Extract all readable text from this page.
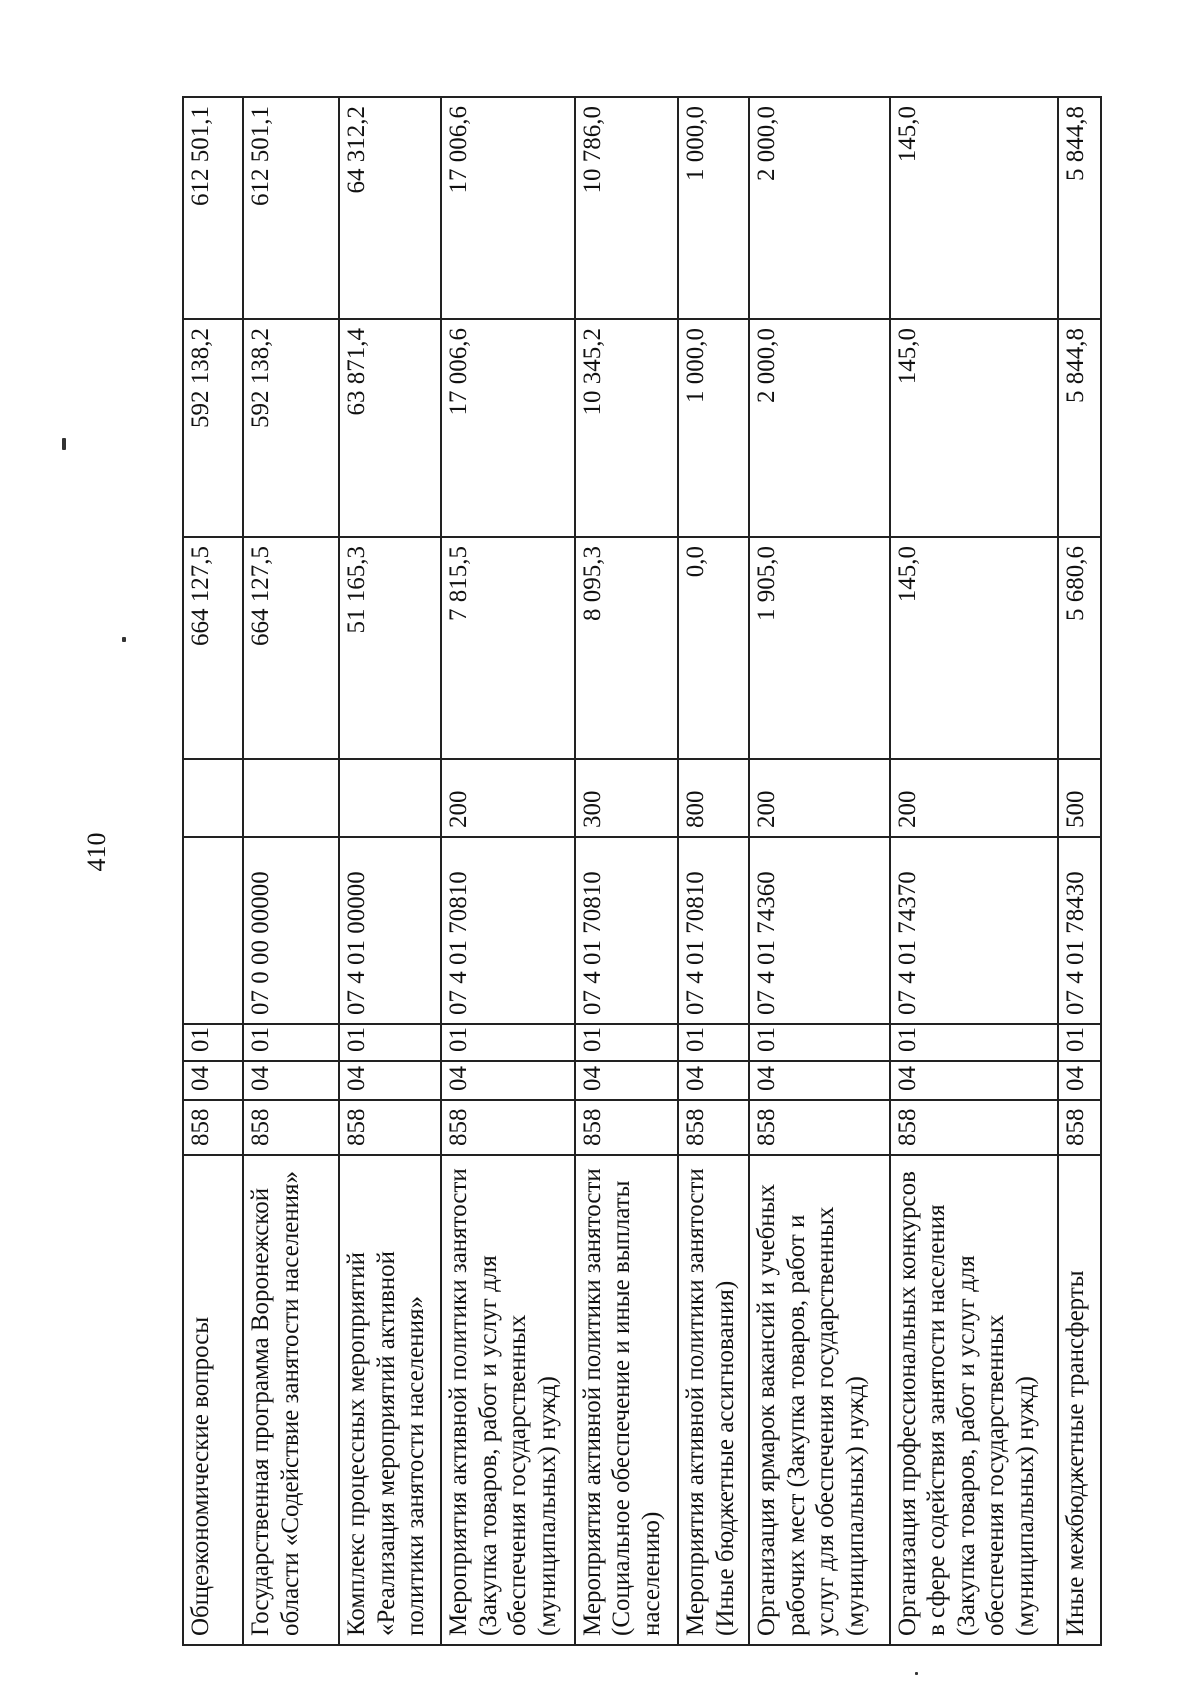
410
Общеэкономические вопросы	858	04	01			664 127,5	592 138,2	612 501,1
Государственная программа Воронежской области «Содействие занятости населения»	858	04	01	07 0 00 00000		664 127,5	592 138,2	612 501,1
Комплекс процессных мероприятий «Реализация мероприятий активной политики занятости населения»	858	04	01	07 4 01 00000		51 165,3	63 871,4	64 312,2
Мероприятия активной политики занятости (Закупка товаров, работ и услуг для обеспечения государственных (муниципальных) нужд)	858	04	01	07 4 01 70810	200	7 815,5	17 006,6	17 006,6
Мероприятия активной политики занятости (Социальное обеспечение и иные выплаты населению)	858	04	01	07 4 01 70810	300	8 095,3	10 345,2	10 786,0
Мероприятия активной политики занятости (Иные бюджетные ассигнования)	858	04	01	07 4 01 70810	800	0,0	1 000,0	1 000,0
Организация ярмарок вакансий и учебных рабочих мест (Закупка товаров, работ и услуг для обеспечения государственных (муниципальных) нужд)	858	04	01	07 4 01 74360	200	1 905,0	2 000,0	2 000,0
Организация профессиональных конкурсов в сфере содействия занятости населения (Закупка товаров, работ и услуг для обеспечения государственных (муниципальных) нужд)	858	04	01	07 4 01 74370	200	145,0	145,0	145,0
Иные межбюджетные трансферты	858	04	01	07 4 01 78430	500	5 680,6	5 844,8	5 844,8
